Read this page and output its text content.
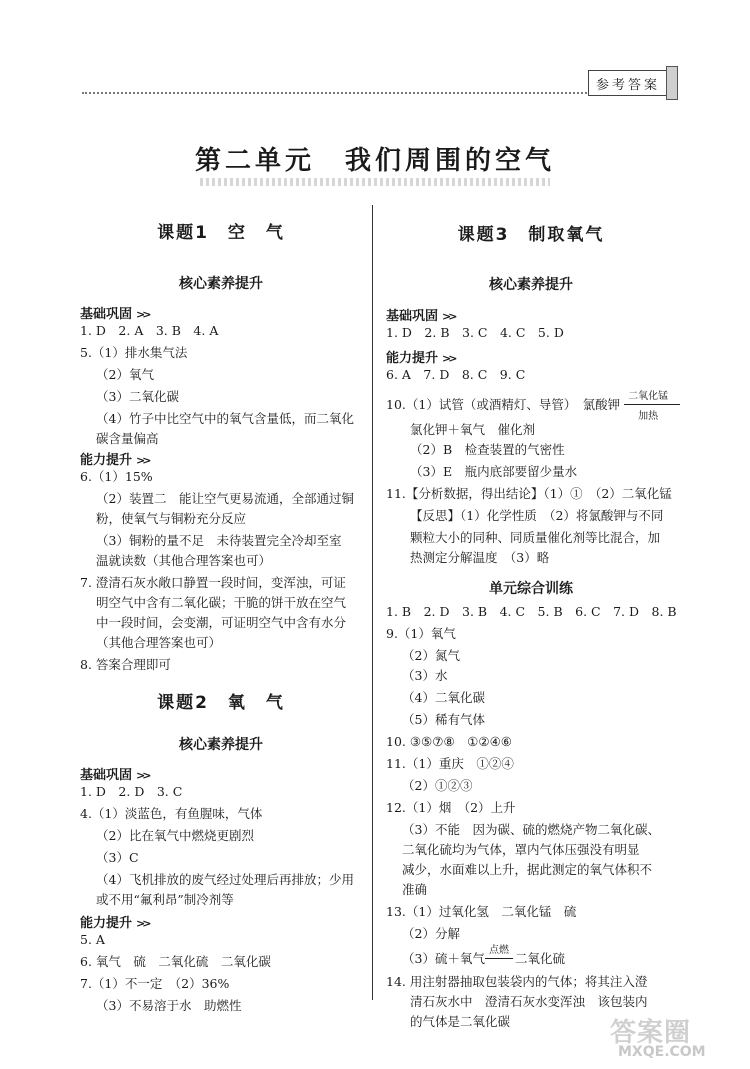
参考答案
第二单元　我们周围的空气
课题1　空　气
核心素养提升
基础巩固 >>
1. D　2. A　3. B　4. A
5.（1）排水集气法
（2）氧气
（3）二氧化碳
（4）竹子中比空气中的氧气含量低，而二氧化
碳含量偏高
能力提升 >>
6.（1）15%
（2）装置二　能让空气更易流通，全部通过铜
粉，使氧气与铜粉充分反应
（3）铜粉的量不足　未待装置完全冷却至室
温就读数（其他合理答案也可）
7. 澄清石灰水敞口静置一段时间，变浑浊，可证
明空气中含有二氧化碳；干脆的饼干放在空气
中一段时间，会变潮，可证明空气中含有水分
（其他合理答案也可）
8. 答案合理即可
课题2　氧　气
核心素养提升
基础巩固 >>
1. D　2. D　3. C
4.（1）淡蓝色，有鱼腥味，气体
（2）比在氧气中燃烧更剧烈
（3）C
（4）飞机排放的废气经过处理后再排放；少用
或不用“氟利昂”制冷剂等
能力提升 >>
5. A
6. 氧气　硫　二氧化硫　二氧化碳
7.（1）不一定　（2）36%
（3）不易溶于水　助燃性
课题3　制取氧气
核心素养提升
基础巩固 >>
1. D　2. B　3. C　4. C　5. D
能力提升 >>
6. A　7. D　8. C　9. C
10.（1）试管（或酒精灯、导管）　氯酸钾
二氧化锰
加热
氯化钾＋氧气　催化剂
（2）B　检查装置的气密性
（3）E　瓶内底部要留少量水
11.【分析数据，得出结论】（1）①　（2）二氧化锰
【反思】（1）化学性质　（2）将氯酸钾与不同
颗粒大小的同种、同质量催化剂等比混合，加
热测定分解温度　（3）略
单元综合训练
1. B　2. D　3. B　4. C　5. B　6. C　7. D　8. B
9.（1）氧气
（2）氮气
（3）水
（4）二氧化碳
（5）稀有气体
10. ③⑤⑦⑧　①②④⑥
11.（1）重庆　①②④
（2）①②③
12.（1）烟　（2）上升
（3）不能　因为碳、硫的燃烧产物二氧化碳、
二氧化硫均为气体，罩内气体压强没有明显
减少，水面难以上升，据此测定的氧气体积不
准确
13.（1）过氧化氢　二氧化锰　硫
（2）分解
（3）硫＋氧气
点燃
二氧化硫
14. 用注射器抽取包装袋内的气体；将其注入澄
清石灰水中　澄清石灰水变浑浊　该包装内
的气体是二氧化碳	答案圈
MXQE.COM
